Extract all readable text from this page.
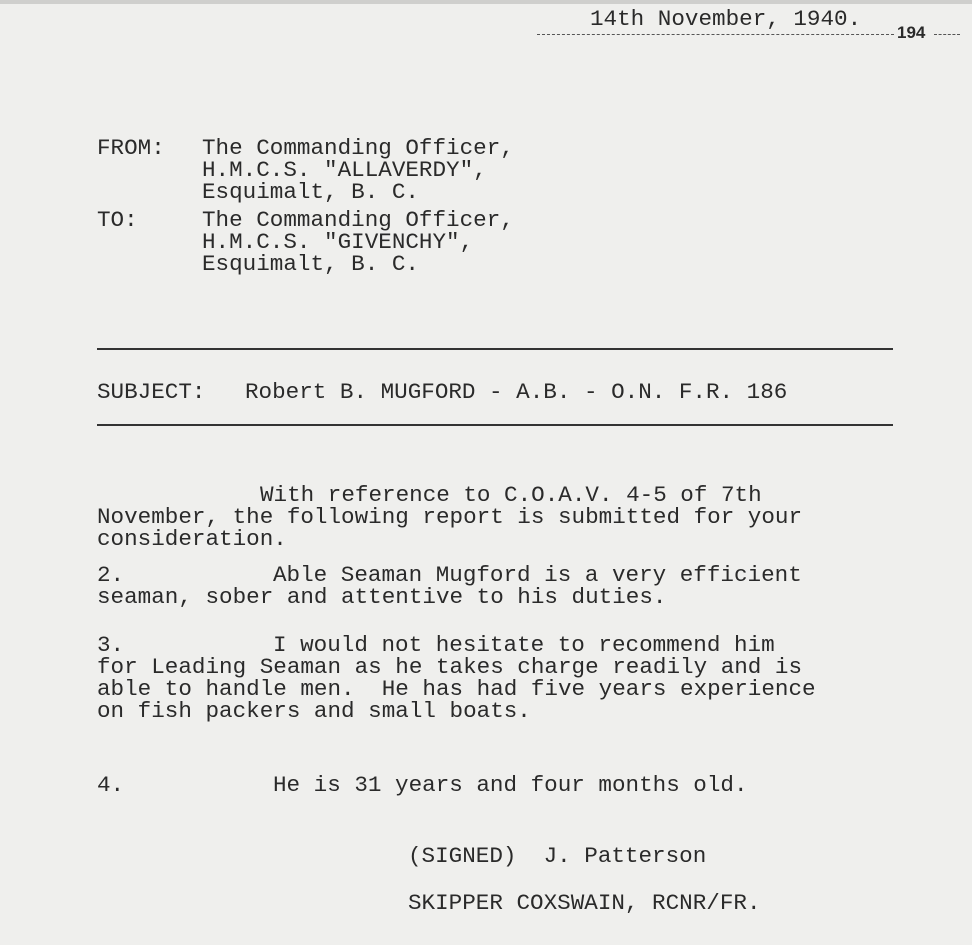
14th November, 1940.

194

FROM: The Commanding Officer,
H.M.C.S. "ALLAVERDY",
Esquimalt, B. C.
TO:	The Commanding Officer,
H.M.C.S. "GIVENCHY",
Esquimalt, B. C.
SUBJECT: Robert B. MUGFORD - A.B. - O.N. F.R. 186
With reference to C.O.A.V. 4-5 of 7th
November, the following report is submitted for your
consideration.
2.	Able Seaman Mugford is a very efficient
seaman, sober and attentive to his duties.
3.	I would not hesitate to recommend him
for Leading Seaman as he takes charge readily and is
able to handle men.  He has had five years experience
on fish packers and small boats.
4.	He is 31 years and four months old.
(SIGNED)  J. Patterson
SKIPPER COXSWAIN, RCNR/FR.
